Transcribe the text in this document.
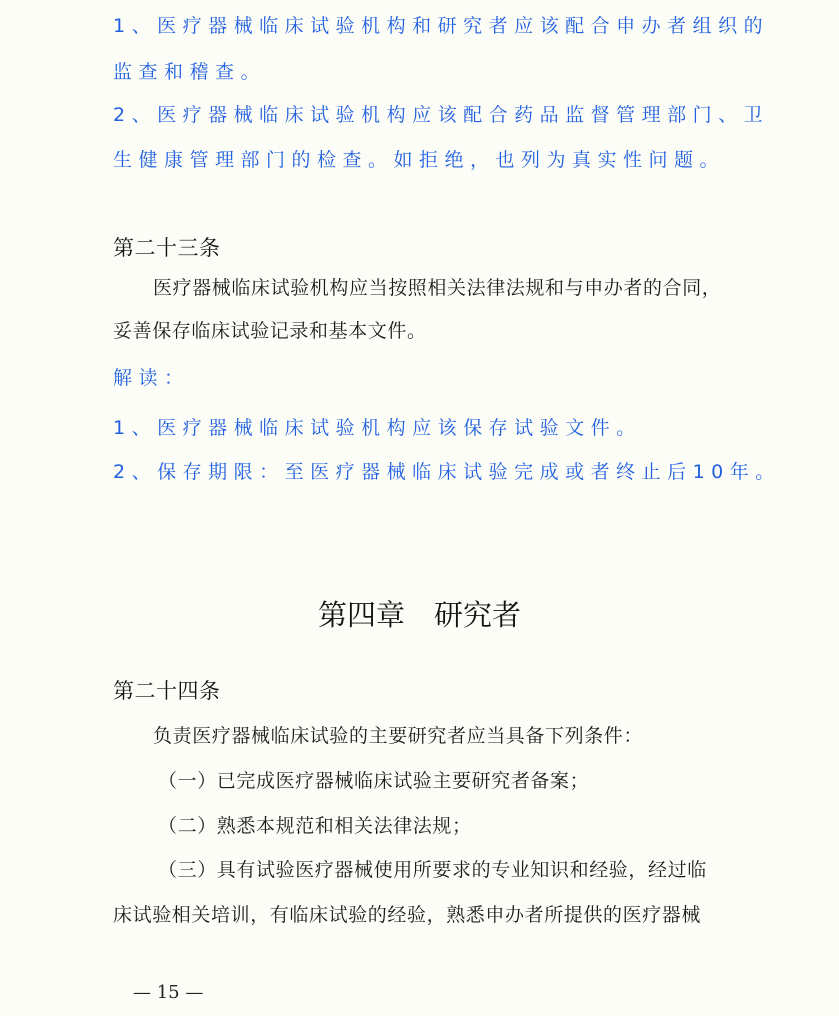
1、医疗器械临床试验机构和研究者应该配合申办者组织的
监查和稽查。
2、医疗器械临床试验机构应该配合药品监督管理部门、卫
生健康管理部门的检查。如拒绝，也列为真实性问题。
第二十三条
医疗器械临床试验机构应当按照相关法律法规和与申办者的合同，
妥善保存临床试验记录和基本文件。
解读：
1、医疗器械临床试验机构应该保存试验文件。
2、保存期限：至医疗器械临床试验完成或者终止后10年。
第四章　研究者
第二十四条
负责医疗器械临床试验的主要研究者应当具备下列条件：
（一）已完成医疗器械临床试验主要研究者备案；
（二）熟悉本规范和相关法律法规；
（三）具有试验医疗器械使用所要求的专业知识和经验，经过临
床试验相关培训，有临床试验的经验，熟悉申办者所提供的医疗器械
— 15 —
